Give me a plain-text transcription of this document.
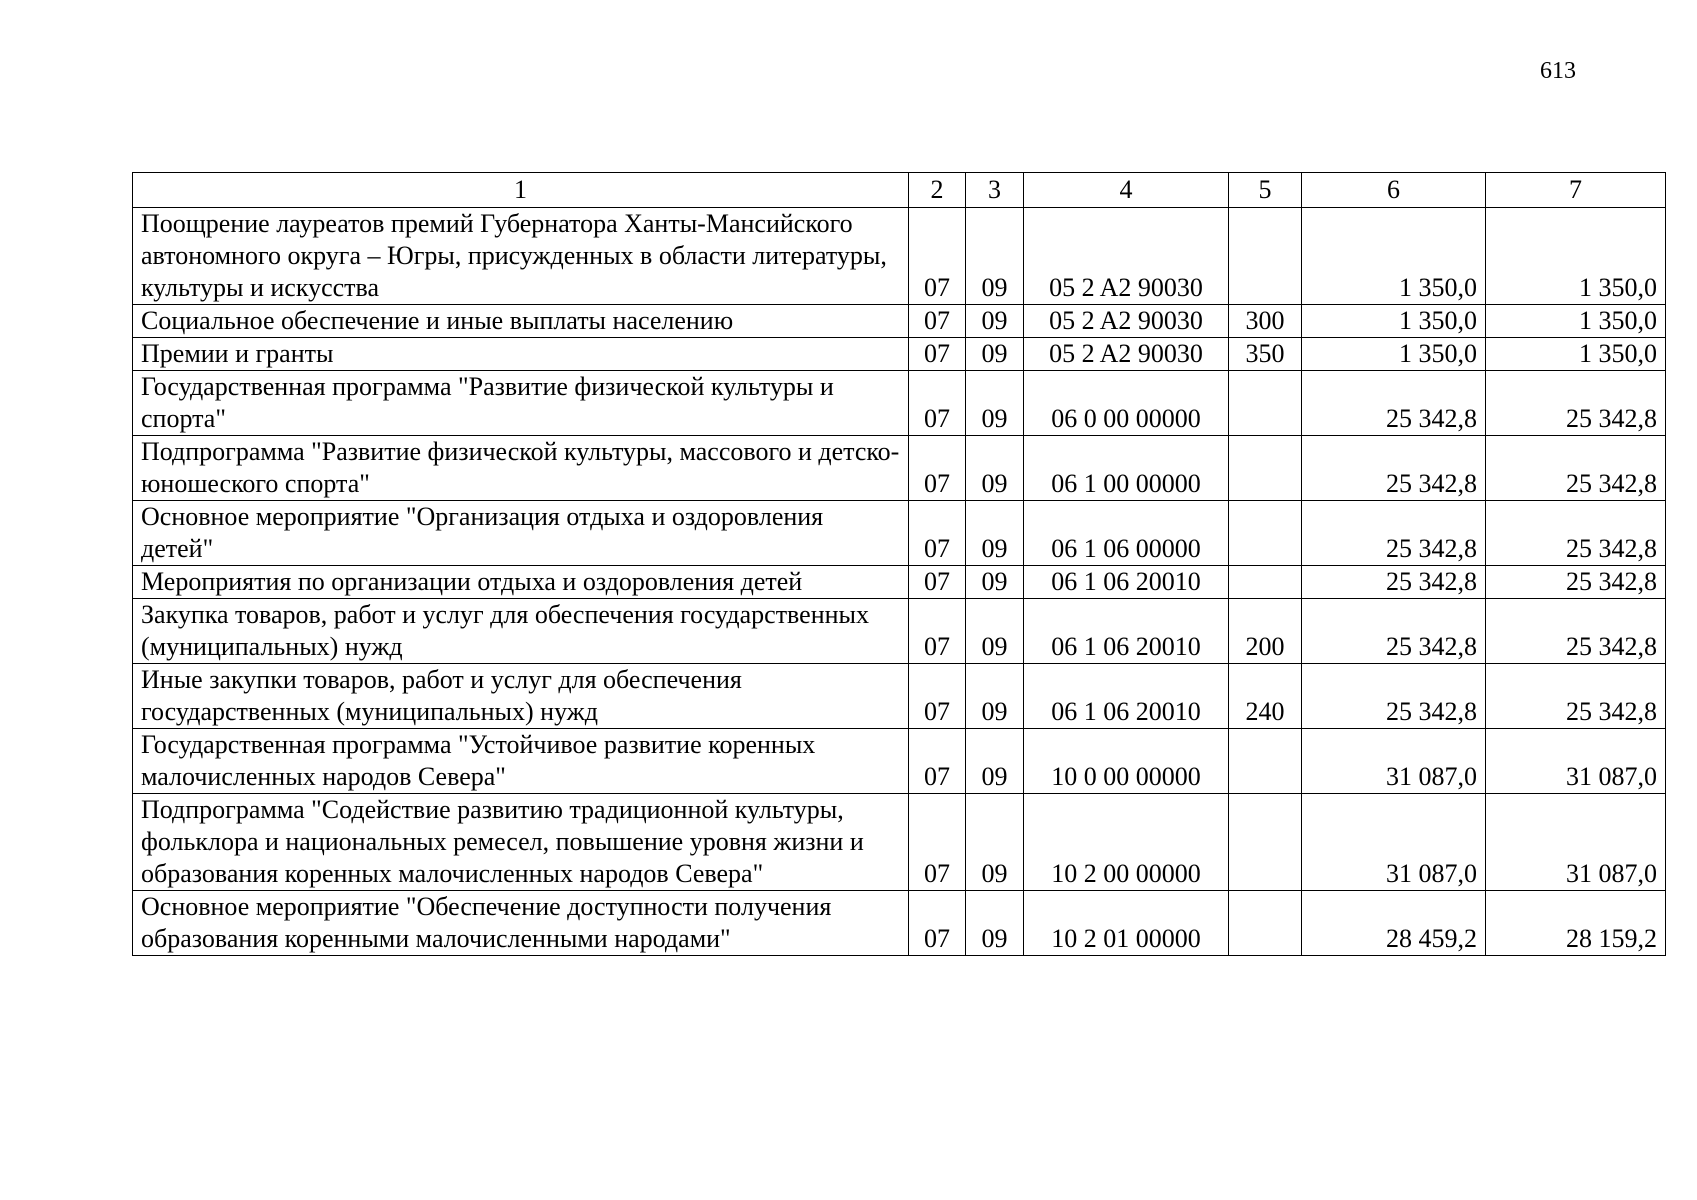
613
1	2	3	4	5	6	7
Поощрение лауреатов премий Губернатора Ханты-Мансийского автономного округа – Югры, присужденных в области литературы, культуры и искусства	07	09	05 2 A2 90030		1 350,0	1 350,0
Социальное обеспечение и иные выплаты населению	07	09	05 2 A2 90030	300	1 350,0	1 350,0
Премии и гранты	07	09	05 2 A2 90030	350	1 350,0	1 350,0
Государственная программа "Развитие физической культуры и спорта"	07	09	06 0 00 00000		25 342,8	25 342,8
Подпрограмма "Развитие физической культуры, массового и детско-юношеского спорта"	07	09	06 1 00 00000		25 342,8	25 342,8
Основное мероприятие "Организация отдыха и оздоровления детей"	07	09	06 1 06 00000		25 342,8	25 342,8
Мероприятия по организации отдыха и оздоровления детей	07	09	06 1 06 20010		25 342,8	25 342,8
Закупка товаров, работ и услуг для обеспечения государственных (муниципальных) нужд	07	09	06 1 06 20010	200	25 342,8	25 342,8
Иные закупки товаров, работ и услуг для обеспечения государственных (муниципальных) нужд	07	09	06 1 06 20010	240	25 342,8	25 342,8
Государственная программа "Устойчивое развитие коренных малочисленных народов Севера"	07	09	10 0 00 00000		31 087,0	31 087,0
Подпрограмма "Содействие развитию традиционной культуры, фольклора и национальных ремесел, повышение уровня жизни и образования коренных малочисленных народов Севера"	07	09	10 2 00 00000		31 087,0	31 087,0
Основное мероприятие "Обеспечение доступности получения образования коренными малочисленными народами"	07	09	10 2 01 00000		28 459,2	28 159,2
